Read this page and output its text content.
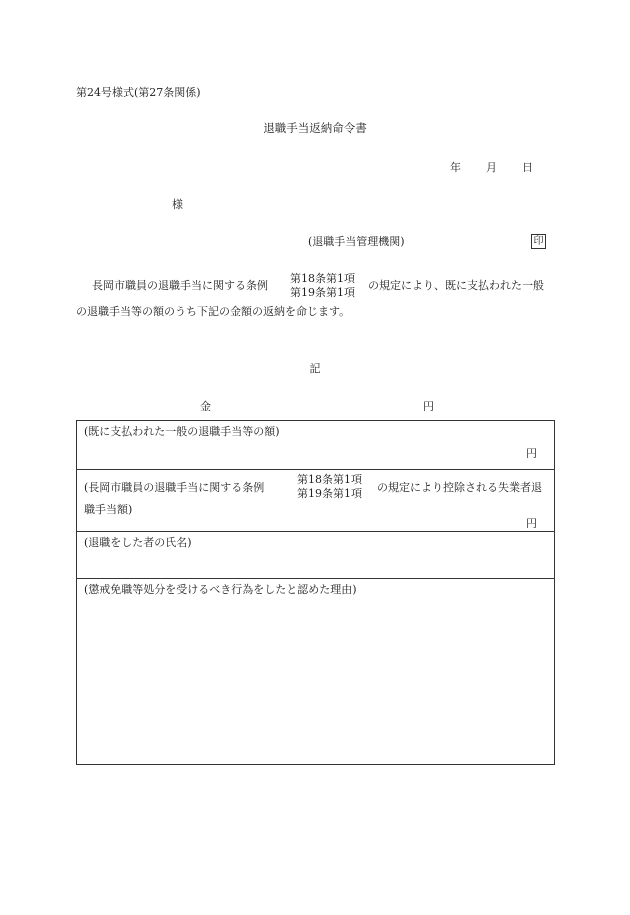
第24号様式(第27条関係)
退職手当返納命令書
年 月 日
様
(退職手当管理機関)	印
長岡市職員の退職手当に関する条例
第18条第1項
第19条第1項
の規定により、既に支払われた一般
の退職手当等の額のうち下記の金額の返納を命じます。
記
金	円
(既に支払われた一般の退職手当等の額)
円
(長岡市職員の退職手当に関する条例
第18条第1項
第19条第1項 の規定により控除される失業者退
職手当額)
円
(退職をした者の氏名)
(懲戒免職等処分を受けるべき行為をしたと認めた理由)
